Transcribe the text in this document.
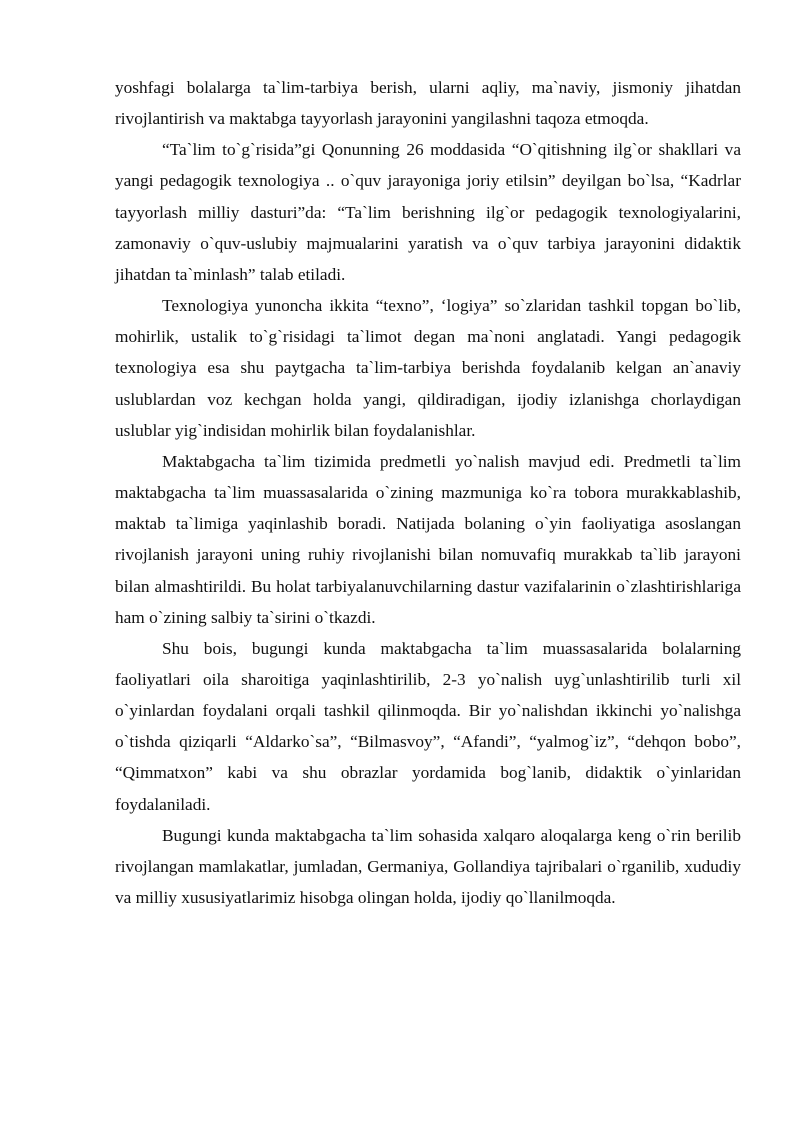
yoshfagi bolalarga ta`lim-tarbiya berish, ularni aqliy, ma`naviy, jismoniy jihatdan rivojlantirish va maktabga tayyorlash jarayonini yangilashni taqoza etmoqda.

“Ta`lim to`g`risida”gi Qonunning 26 moddasida “O`qitishning ilg`or shakllari va yangi pedagogik texnologiya .. o`quv jarayoniga joriy etilsin” deyilgan bo`lsa, “Kadrlar tayyorlash milliy dasturi”da: “Ta`lim berishning ilg`or pedagogik texnologiyalarini, zamonaviy o`quv-uslubiy majmualarini yaratish va o`quv tarbiya jarayonini didaktik jihatdan ta`minlash” talab etiladi.

Texnologiya yunoncha ikkita “texno”, ‘logiya” so`zlaridan tashkil topgan bo`lib, mohirlik, ustalik to`g`risidagi ta`limot degan ma`noni anglatadi. Yangi pedagogik texnologiya esa shu paytgacha ta`lim-tarbiya berishda foydalanib kelgan an`anaviy uslublardan voz kechgan holda yangi, qildiradigan, ijodiy izlanishga chorlaydigan uslublar yig`indisidan mohirlik bilan foydalanishlar.

Maktabgacha ta`lim tizimida predmetli yo`nalish mavjud edi. Predmetli ta`lim maktabgacha ta`lim muassasalarida o`zining mazmuniga ko`ra tobora murakkablashib, maktab ta`limiga yaqinlashib boradi. Natijada bolaning o`yin faoliyatiga asoslangan rivojlanish jarayoni uning ruhiy rivojlanishi bilan nomuvafiq murakkab ta`lib jarayoni bilan almashtirildi. Bu holat tarbiyalanuvchilarning dastur vazifalarinin o`zlashtirishlariga ham o`zining salbiy ta`sirini o`tkazdi.

Shu bois, bugungi kunda maktabgacha ta`lim muassasalarida bolalarning faoliyatlari oila sharoitiga yaqinlashtirilib, 2-3 yo`nalish uyg`unlashtirilib turli xil o`yinlardan foydalani orqali tashkil qilinmoqda. Bir yo`nalishdan ikkinchi yo`nalishga o`tishda qiziqarli “Aldarko`sa”, “Bilmasvoy”, “Afandi”, “yalmog`iz”, “dehqon bobo”, “Qimmatxon” kabi va shu obrazlar yordamida bog`lanib, didaktik o`yinlaridan foydalaniladi.

Bugungi kunda maktabgacha ta`lim sohasida xalqaro aloqalarga keng o`rin berilib rivojlangan mamlakatlar, jumladan, Germaniya, Gollandiya tajribalari o`rganilib, xududiy va milliy xususiyatlarimiz hisobga olingan holda, ijodiy qo`llanilmoqda.
